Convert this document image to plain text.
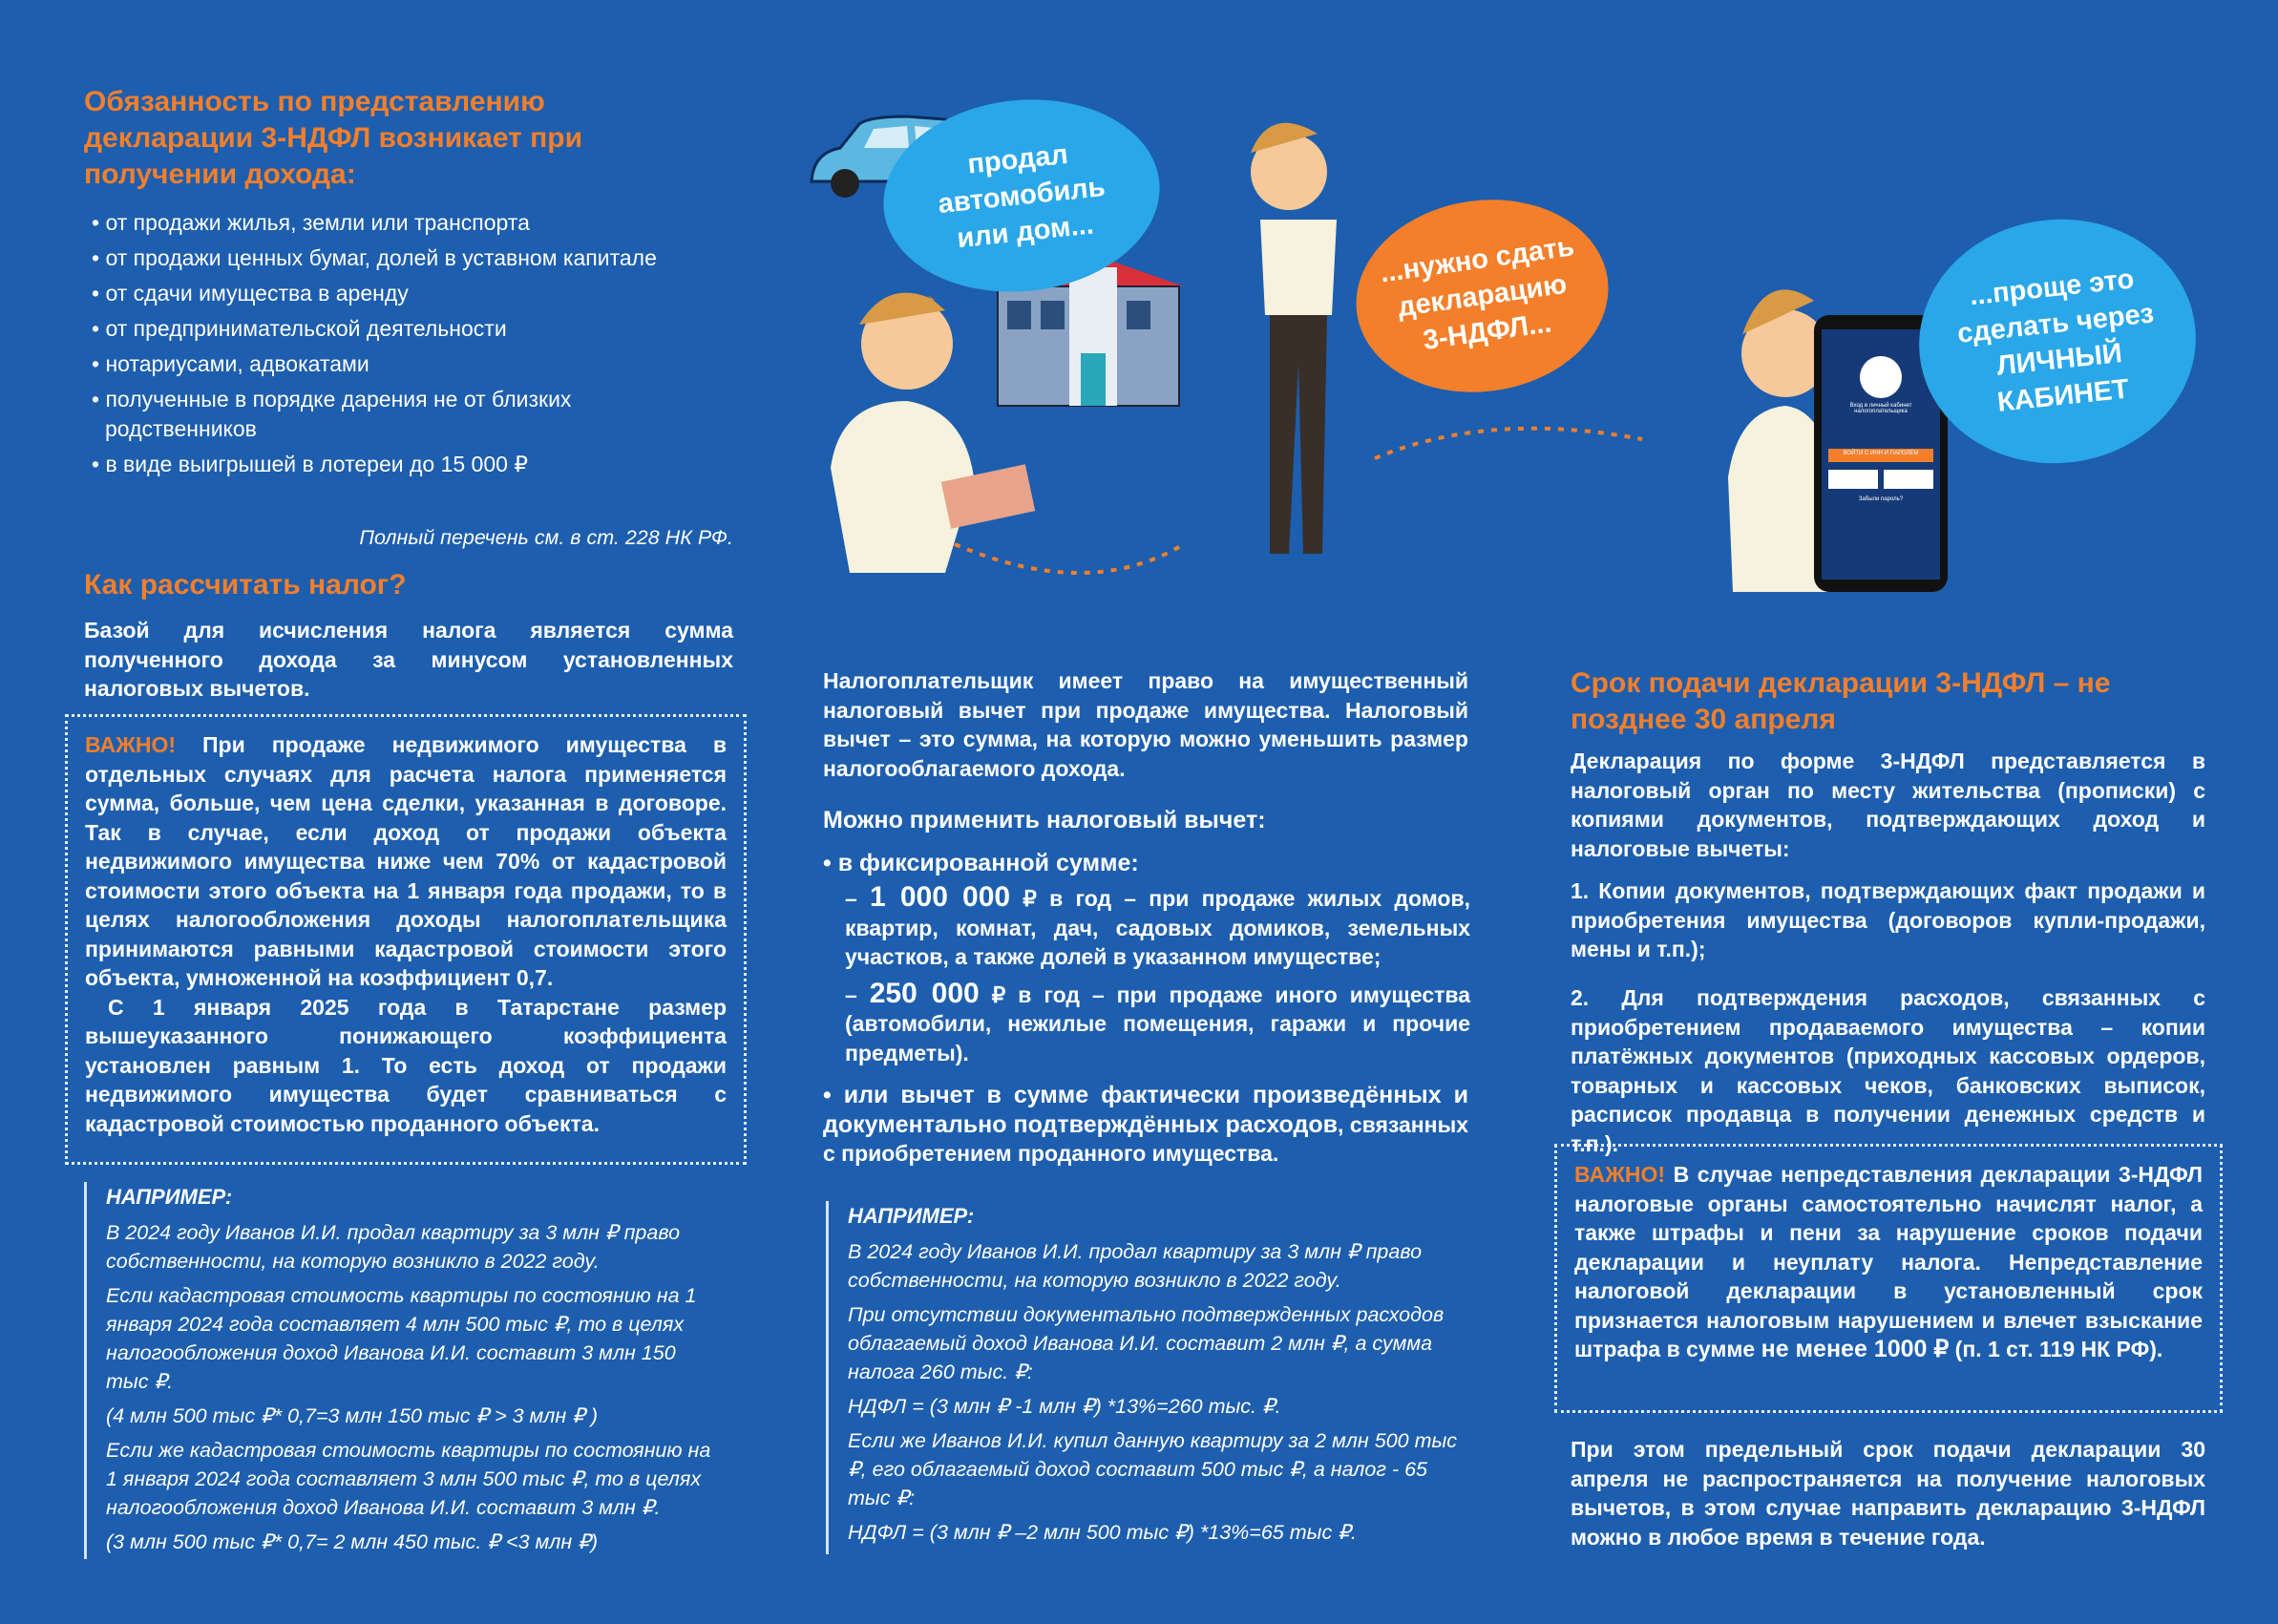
Обязанность по представлению декларации 3-НДФЛ возникает при получении дохода:
• от продажи жилья, земли или транспорта
• от продажи ценных бумаг, долей в уставном капитале
• от сдачи имущества в аренду
• от предпринимательской деятельности
• нотариусами, адвокатами
• полученные в порядке дарения не от близких родственников
• в виде выигрышей в лотереи до 15 000 ₽
Полный перечень см. в ст. 228 НК РФ.
Как рассчитать налог?
Базой для исчисления налога является сумма полученного дохода за минусом установленных налоговых вычетов.

ВАЖНО! При продаже недвижимого имущества в отдельных случаях для расчета налога применяется сумма, больше, чем цена сделки, указанная в договоре. Так в случае, если доход от продажи объекта недвижимого имущества ниже чем 70% от кадастровой стоимости этого объекта на 1 января года продажи, то в целях налогообложения доходы налогоплательщика принимаются равными кадастровой стоимости этого объекта, умноженной на коэффициент 0,7.

С 1 января 2025 года в Татарстане размер вышеуказанного понижающего коэффициента установлен равным 1. То есть доход от продажи недвижимого имущества будет сравниваться с кадастровой стоимостью проданного объекта.

НАПРИМЕР:

В 2024 году Иванов И.И. продал квартиру за 3 млн ₽ право собственности, на которую возникло в 2022 году.

Если кадастровая стоимость квартиры по состоянию на 1 января 2024 года составляет 4 млн 500 тыс ₽, то в целях налогообложения доход Иванова И.И. составит 3 млн 150 тыс ₽.

(4 млн 500 тыс ₽* 0,7=3 млн 150 тыс ₽ > 3 млн ₽ )

Если же кадастровая стоимость квартиры по состоянию на 1 января 2024 года составляет 3 млн 500 тыс ₽, то в целях налогообложения доход Иванова И.И. составит 3 млн ₽.

(3 млн 500 тыс ₽* 0,7= 2 млн 450 тыс. ₽ <3 млн ₽)

Вход в личный кабинет налогоплательщика
ВОЙТИ С ИНН И ПАРОЛЕМ
Забыли пароль?
продал автомобиль или дом...	...нужно сдать декларацию 3-НДФЛ...
...проще это сделать через ЛИЧНЫЙ КАБИНЕТ
Налогоплательщик имеет право на имущественный налоговый вычет при продаже имущества. Налоговый вычет – это сумма, на которую можно уменьшить размер налогооблагаемого дохода.
Можно применить налоговый вычет:
• в фиксированной сумме:

– 1 000 000 ₽ в год – при продаже жилых домов, квартир, комнат, дач, садовых домиков, земельных участков, а также долей в указанном имуществе;

– 250 000 ₽ в год – при продаже иного имущества (автомобили, нежилые помещения, гаражи и прочие предметы).

• или вычет в сумме фактически произведённых и документально подтверждённых расходов, связанных с приобретением проданного имущества.

НАПРИМЕР:

В 2024 году Иванов И.И. продал квартиру за 3 млн ₽ право собственности, на которую возникло в 2022 году.

При отсутствии документально подтвержденных расходов облагаемый доход Иванова И.И. составит 2 млн ₽, а сумма налога 260 тыс. ₽:

НДФЛ = (3 млн ₽ -1 млн ₽) *13%=260 тыс. ₽.

Если же Иванов И.И. купил данную квартиру за 2 млн 500 тыс ₽, его облагаемый доход составит 500 тыс ₽, а налог - 65 тыс ₽:

НДФЛ = (3 млн ₽ –2 млн 500 тыс ₽) *13%=65 тыс ₽.

Срок подачи декларации 3-НДФЛ – не позднее 30 апреля
Декларация по форме 3-НДФЛ представляется в налоговый орган по месту жительства (прописки) с копиями документов, подтверждающих доход и налоговые вычеты:
1. Копии документов, подтверждающих факт продажи и приобретения имущества (договоров купли-продажи, мены и т.п.);
2. Для подтверждения расходов, связанных с приобретением продаваемого имущества – копии платёжных документов (приходных кассовых ордеров, товарных и кассовых чеков, банковских выписок, расписок продавца в получении денежных средств и т.п.).
ВАЖНО! В случае непредставления декларации 3-НДФЛ налоговые органы самостоятельно начислят налог, а также штрафы и пени за нарушение сроков подачи декларации и неуплату налога. Непредставление налоговой декларации в установленный срок признается налоговым нарушением и влечет взыскание штрафа в сумме не менее 1000 ₽ (п. 1 ст. 119 НК РФ).
При этом предельный срок подачи декларации 30 апреля не распространяется на получение налоговых вычетов, в этом случае направить декларацию 3-НДФЛ можно в любое время в течение года.
